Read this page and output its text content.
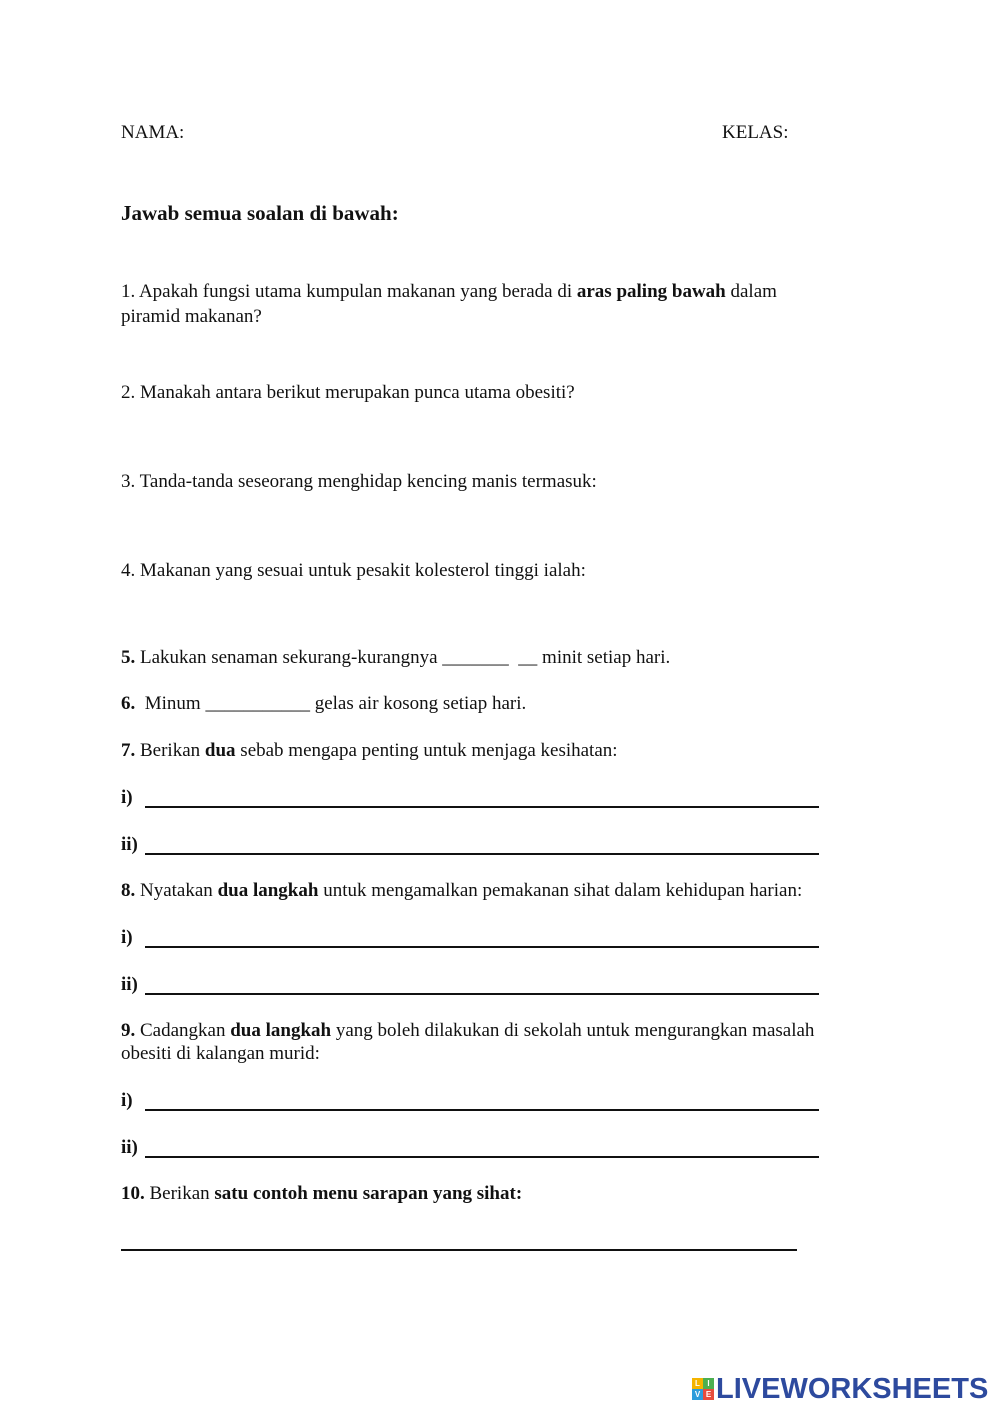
NAMA:	KELAS:
Jawab semua soalan di bawah:
1. Apakah fungsi utama kumpulan makanan yang berada di aras paling bawah dalam
piramid makanan?
2. Manakah antara berikut merupakan punca utama obesiti?
3. Tanda-tanda seseorang menghidap kencing manis termasuk:
4. Makanan yang sesuai untuk pesakit kolesterol tinggi ialah:
5. Lakukan senaman sekurang-kurangnya _______  __ minit setiap hari.
6.  Minum ___________ gelas air kosong setiap hari.
7. Berikan dua sebab mengapa penting untuk menjaga kesihatan:
i)
ii)
8. Nyatakan dua langkah untuk mengamalkan pemakanan sihat dalam kehidupan harian:
i)
ii)
9. Cadangkan dua langkah yang boleh dilakukan di sekolah untuk mengurangkan masalah
obesiti di kalangan murid:
i)
ii)
10. Berikan satu contoh menu sarapan yang sihat:
L I
V E LIVEWORKSHEETS
